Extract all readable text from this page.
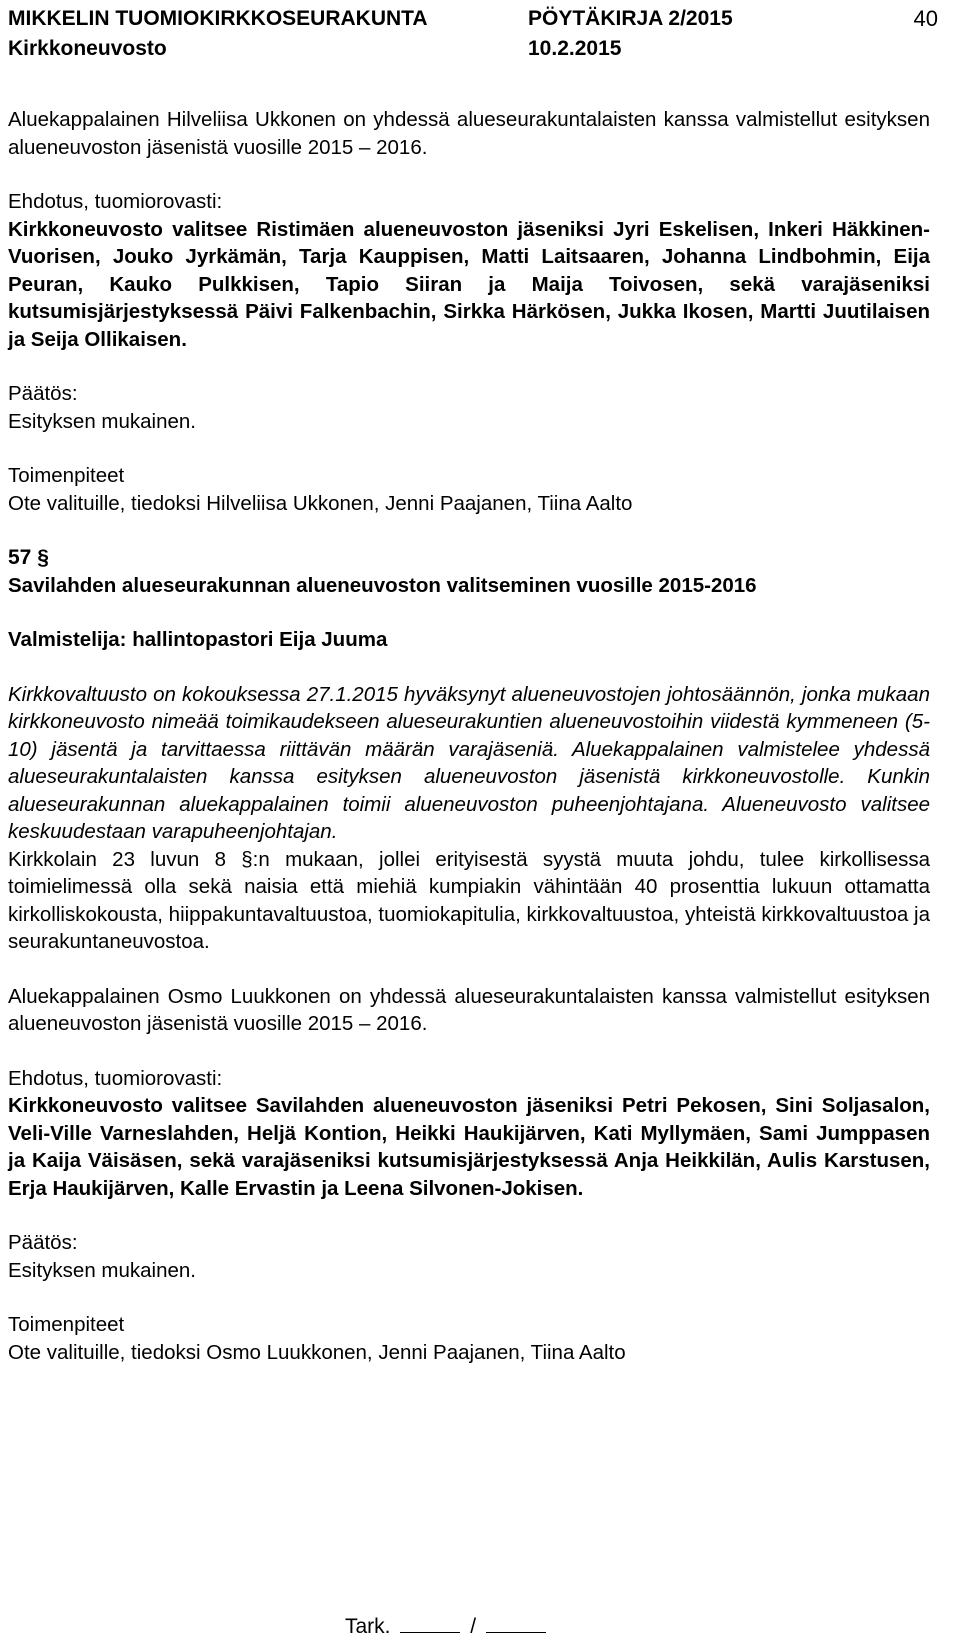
MIKKELIN TUOMIOKIRKKOSEURAKUNTA	PÖYTÄKIRJA 2/2015	40
Kirkkoneuvosto	10.2.2015

Aluekappalainen Hilveliisa Ukkonen on yhdessä alueseurakuntalaisten kanssa valmistellut esityksen alueneuvoston jäsenistä vuosille 2015 – 2016.

Ehdotus, tuomiorovasti:

Kirkkoneuvosto valitsee Ristimäen alueneuvoston jäseniksi Jyri Eskelisen, Inkeri Häkkinen-Vuorisen, Jouko Jyrkämän, Tarja Kauppisen, Matti Laitsaaren, Johanna Lindbohmin, Eija Peuran, Kauko Pulkkisen, Tapio Siiran ja Maija Toivosen, sekä varajäseniksi kutsumisjärjestyksessä Päivi Falkenbachin, Sirkka Härkösen, Jukka Ikosen, Martti Juutilaisen ja Seija Ollikaisen.

Päätös:

Esityksen mukainen.

Toimenpiteet

Ote valituille, tiedoksi Hilveliisa Ukkonen, Jenni Paajanen, Tiina Aalto

57 §

Savilahden alueseurakunnan alueneuvoston valitseminen vuosille 2015-2016

Valmistelija: hallintopastori Eija Juuma

Kirkkovaltuusto on kokouksessa 27.1.2015 hyväksynyt alueneuvostojen johtosäännön, jonka mukaan kirkkoneuvosto nimeää toimikaudekseen alueseurakuntien alueneuvostoihin viidestä kymmeneen (5-10) jäsentä ja tarvittaessa riittävän määrän varajäseniä. Aluekappalainen valmistelee yhdessä alueseurakuntalaisten kanssa esityksen alueneuvoston jäsenistä kirkkoneuvostolle. Kunkin alueseurakunnan aluekappalainen toimii alueneuvoston puheenjohtajana. Alueneuvosto valitsee keskuudestaan varapuheenjohtajan.

Kirkkolain 23 luvun 8 §:n mukaan, jollei erityisestä syystä muuta johdu, tulee kirkollisessa toimielimessä olla sekä naisia että miehiä kumpiakin vähintään 40 prosenttia lukuun ottamatta kirkolliskokousta, hiippakuntavaltuustoa, tuomiokapitulia, kirkkovaltuustoa, yhteistä kirkkovaltuustoa ja seurakuntaneuvostoa.

Aluekappalainen Osmo Luukkonen on yhdessä alueseurakuntalaisten kanssa valmistellut esityksen alueneuvoston jäsenistä vuosille 2015 – 2016.

Ehdotus, tuomiorovasti:

Kirkkoneuvosto valitsee Savilahden alueneuvoston jäseniksi Petri Pekosen, Sini Soljasalon, Veli-Ville Varneslahden, Heljä Kontion, Heikki Haukijärven, Kati Myllymäen, Sami Jumppasen ja Kaija Väisäsen, sekä varajäseniksi kutsumisjärjestyksessä Anja Heikkilän, Aulis Karstusen, Erja Haukijärven, Kalle Ervastin ja Leena Silvonen-Jokisen.

Päätös:

Esityksen mukainen.

Toimenpiteet

Ote valituille, tiedoksi Osmo Luukkonen, Jenni Paajanen, Tiina Aalto

Tark.	/
